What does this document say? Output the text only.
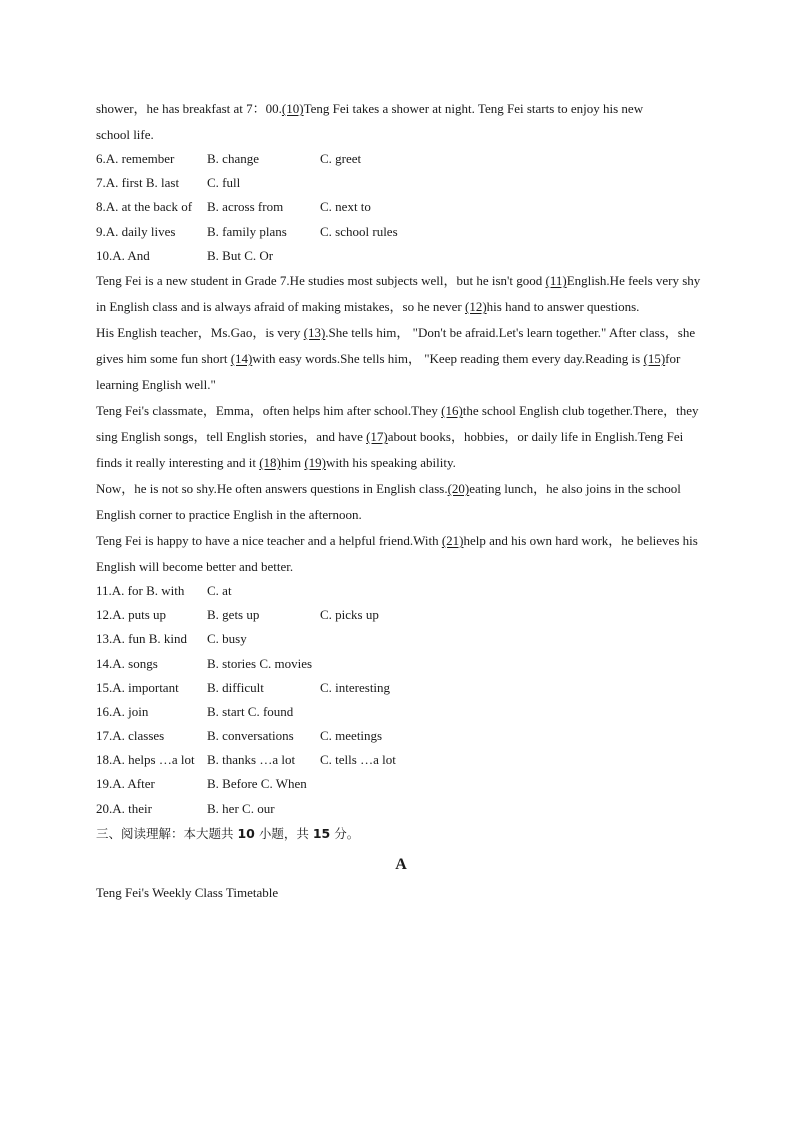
shower，he has breakfast at 7：00.(10)Teng Fei takes a shower at night. Teng Fei starts to enjoy his new
school life.

6.A. remember	B. change	C. greet
7.A. first B. last C. full
8.A. at the back of B. across from	C. next to
9.A. daily lives B. family plans	C. school rules
10.A. And	B. But C. Or

Teng Fei is a new student in Grade 7.He studies most subjects well，but he isn't good (11)English.He feels very shy in English class and is always afraid of making mistakes，so he never (12)his hand to answer questions.

His English teacher，Ms.Gao，is very (13).She tells him， "Don't be afraid.Let's learn together." After class，she gives him some fun short (14)with easy words.She tells him， "Keep reading them every day.Reading is (15)for learning English well."

Teng Fei's classmate，Emma，often helps him after school.They (16)the school English club together.There，they sing English songs，tell English stories，and have (17)about books，hobbies，or daily life in English.Teng Fei finds it really interesting and it (18)him (19)with his speaking ability.

Now，he is not so shy.He often answers questions in English class.(20)eating lunch，he also joins in the school English corner to practice English in the afternoon.

Teng Fei is happy to have a nice teacher and a helpful friend.With (21)help and his own hard work，he believes his English will become better and better.

11.A. for B. with C. at
12.A. puts up	B. gets up	C. picks up
13.A. fun B. kind C. busy
14.A. songs	B. stories C. movies
15.A. important B. difficult	C. interesting
16.A. join	B. start C. found
17.A. classes	B. conversations C. meetings
18.A. helps …a lot B. thanks …a lot C. tells …a lot
19.A. After	B. Before C. When
20.A. their	B. her C. our
三、阅读理解：本大题共 10 小题，共 15 分。
A
Teng Fei's Weekly Class Timetable
